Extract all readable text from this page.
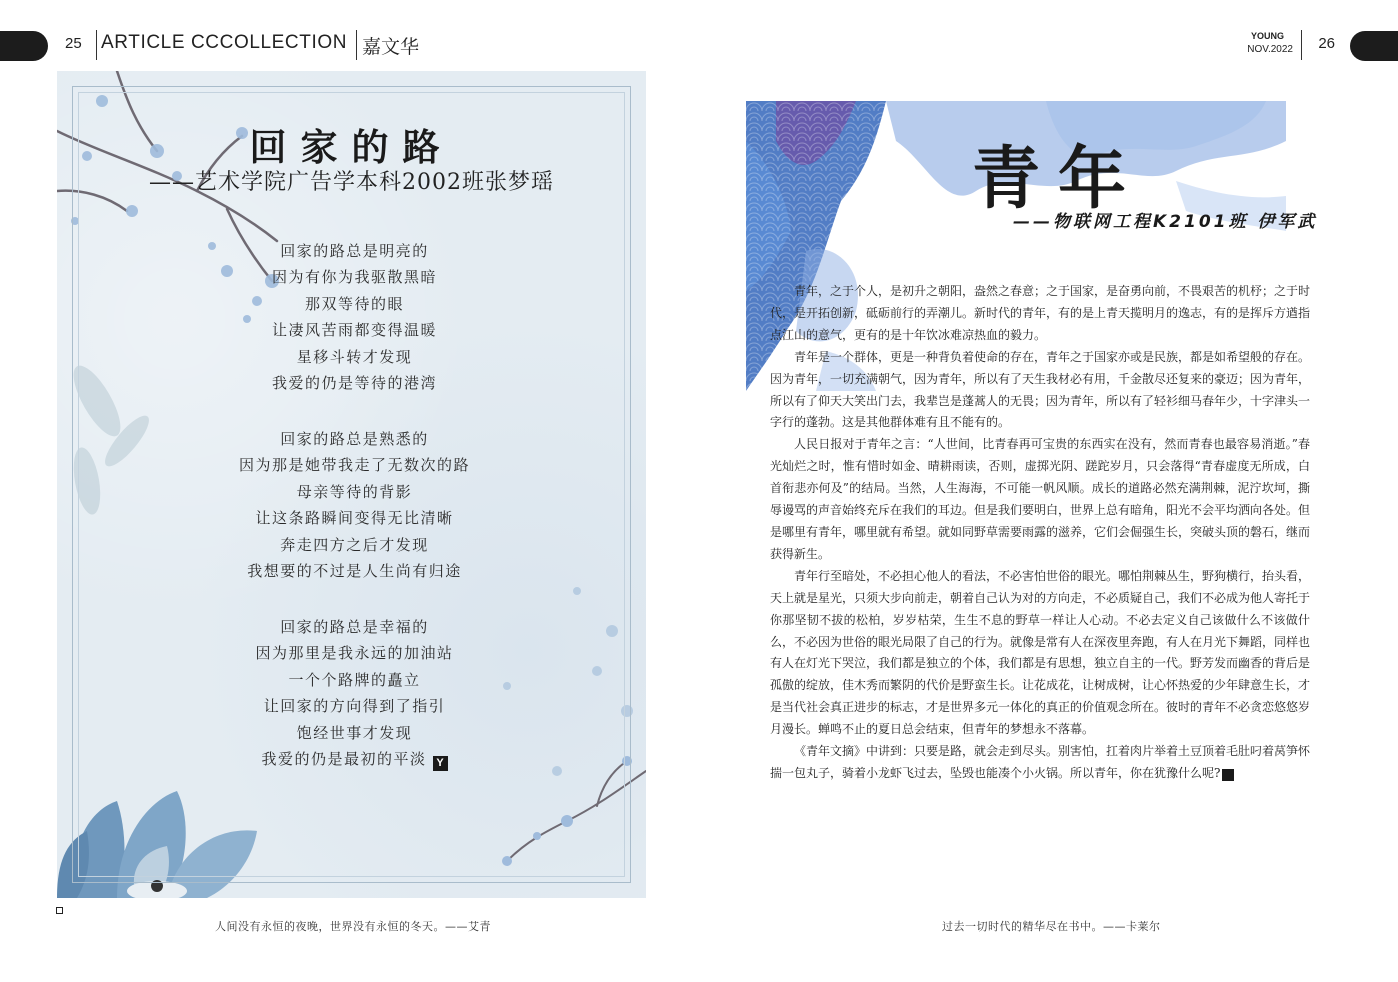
25 ARTICLE CCCOLLECTION 嘉文华	YOUNG
NOV.2022 26
回家的路
——艺术学院广告学本科2002班张梦瑶
回家的路总是明亮的
因为有你为我驱散黑暗
那双等待的眼
让凄风苦雨都变得温暖
星移斗转才发现
我爱的仍是等待的港湾
回家的路总是熟悉的
因为那是她带我走了无数次的路
母亲等待的背影
让这条路瞬间变得无比清晰
奔走四方之后才发现
我想要的不过是人生尚有归途
回家的路总是幸福的
因为那里是我永远的加油站
一个个路牌的矗立
让回家的方向得到了指引
饱经世事才发现
我爱的仍是最初的平淡 Y
青年
——物联网工程K2101班 伊军武

青年，之于个人，是初升之朝阳，盎然之春意；之于国家，是奋勇向前，不畏艰苦的机杼；之于时代，是开拓创新，砥砺前行的弄潮儿。新时代的青年，有的是上青天揽明月的逸志，有的是挥斥方遒指点江山的意气，更有的是十年饮冰难凉热血的毅力。

青年是一个群体，更是一种背负着使命的存在，青年之于国家亦或是民族，都是如希望般的存在。因为青年，一切充满朝气，因为青年，所以有了天生我材必有用，千金散尽还复来的豪迈；因为青年，所以有了仰天大笑出门去，我辈岂是蓬蒿人的无畏；因为青年，所以有了轻衫细马春年少，十字津头一字行的蓬勃。这是其他群体难有且不能有的。

人民日报对于青年之言：“人世间，比青春再可宝贵的东西实在没有，然而青春也最容易消逝。”春光灿烂之时，惟有惜时如金、晴耕雨读，否则，虚掷光阴、蹉跎岁月，只会落得“青春虚度无所成，白首衔悲亦何及”的结局。当然，人生海海，不可能一帆风顺。成长的道路必然充满荆棘，泥泞坎坷，撕辱谩骂的声音始终充斥在我们的耳边。但是我们要明白，世界上总有暗角，阳光不会平均洒向各处。但是哪里有青年，哪里就有希望。就如同野草需要雨露的滋养，它们会倔强生长，突破头顶的磐石，继而获得新生。

青年行至暗处，不必担心他人的看法，不必害怕世俗的眼光。哪怕荆棘丛生，野狗横行，抬头看，天上就是星光，只须大步向前走，朝着自己认为对的方向走，不必质疑自己，我们不必成为他人寄托于你那坚韧不拔的松柏，岁岁枯荣，生生不息的野草一样让人心动。不必去定义自己该做什么不该做什么，不必因为世俗的眼光局限了自己的行为。就像是常有人在深夜里奔跑，有人在月光下舞蹈，同样也有人在灯光下哭泣，我们都是独立的个体，我们都是有思想，独立自主的一代。野芳发而幽香的背后是孤傲的绽放，佳木秀而繁阴的代价是野蛮生长。让花成花，让树成树，让心怀热爱的少年肆意生长，才是当代社会真正进步的标志，才是世界多元一体化的真正的价值观念所在。彼时的青年不必贪恋悠悠岁月漫长。蝉鸣不止的夏日总会结束，但青年的梦想永不落幕。

《青年文摘》中讲到：只要是路，就会走到尽头。别害怕，扛着肉片举着土豆顶着毛肚叼着莴笋怀揣一包丸子，骑着小龙虾飞过去，坠毁也能凑个小火锅。所以青年，你在犹豫什么呢?	Y

人间没有永恒的夜晚，世界没有永恒的冬天。——艾青	过去一切时代的精华尽在书中。——卡莱尔
